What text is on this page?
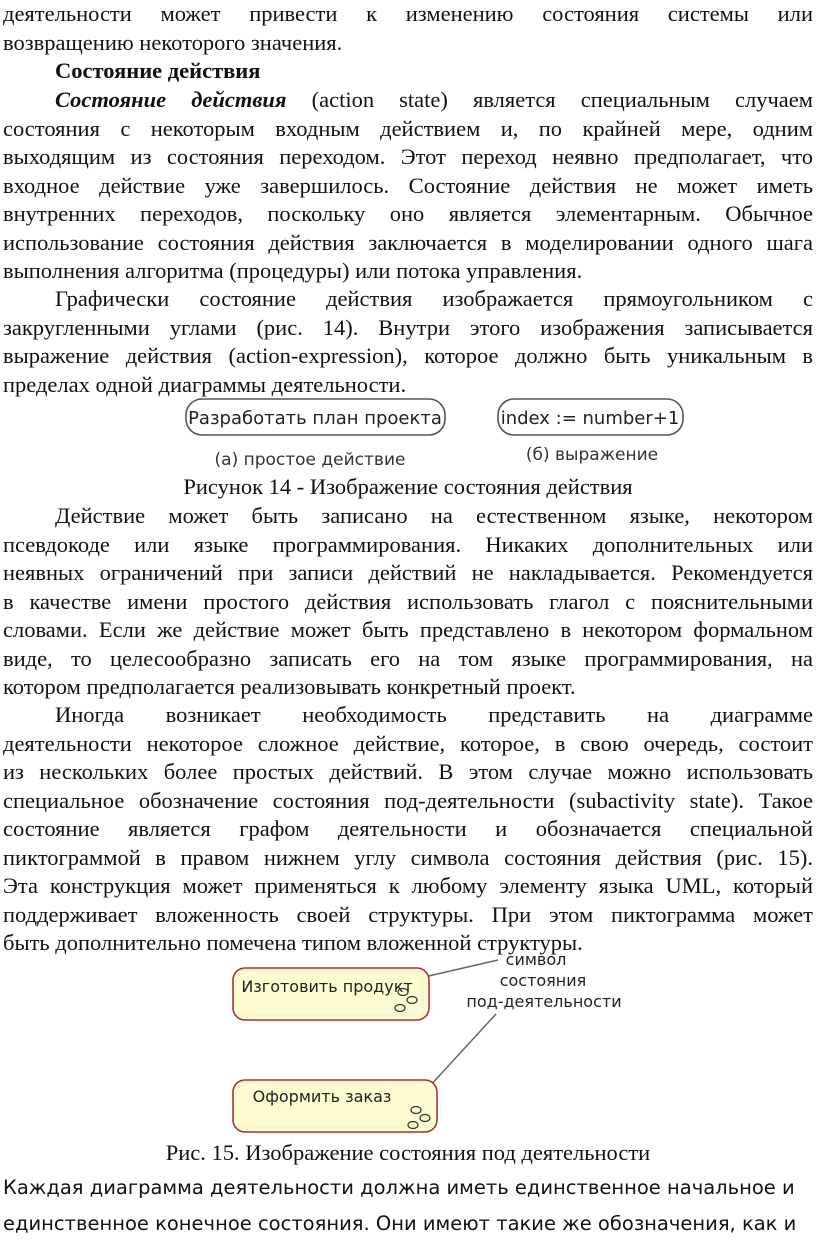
деятельности может привести к изменению состояния системы или
возвращению некоторого значения.
Состояние действия
Состояние действия (action state) является специальным случаем
состояния с некоторым входным действием и, по крайней мере, одним
выходящим из состояния переходом. Этот переход неявно предполагает, что
входное действие уже завершилось. Состояние действия не может иметь
внутренних переходов, поскольку оно является элементарным. Обычное
использование состояния действия заключается в моделировании одного шага
выполнения алгоритма (процедуры) или потока управления.
Графически состояние действия изображается прямоугольником с
закругленными углами (рис. 14). Внутри этого изображения записывается
выражение действия (action-expression), которое должно быть уникальным в
пределах одной диаграммы деятельности.
Разработать план проекта	index := number+1
(а) простое действие	(б) выражение
Рисунок 14 - Изображение состояния действия
Действие может быть записано на естественном языке, некотором
псевдокоде или языке программирования. Никаких дополнительных или
неявных ограничений при записи действий не накладывается. Рекомендуется
в качестве имени простого действия использовать глагол с пояснительными
словами. Если же действие может быть представлено в некотором формальном
виде, то целесообразно записать его на том языке программирования, на
котором предполагается реализовывать конкретный проект.
Иногда возникает необходимость представить на диаграмме
деятельности некоторое сложное действие, которое, в свою очередь, состоит
из нескольких более простых действий. В этом случае можно использовать
специальное обозначение состояния под-деятельности (subactivity state). Такое
состояние является графом деятельности и обозначается специальной
пиктограммой в правом нижнем углу символа состояния действия (рис. 15).
Эта конструкция может применяться к любому элементу языка UML, который
поддерживает вложенность своей структуры. При этом пиктограмма может
быть дополнительно помечена типом вложенной структуры.
Изготовить продукт
Оформить заказ
символ
состояния
под-деятельности
Рис. 15. Изображение состояния под деятельности
Каждая диаграмма деятельности должна иметь единственное начальное и
единственное конечное состояния. Они имеют такие же обозначения, как и
